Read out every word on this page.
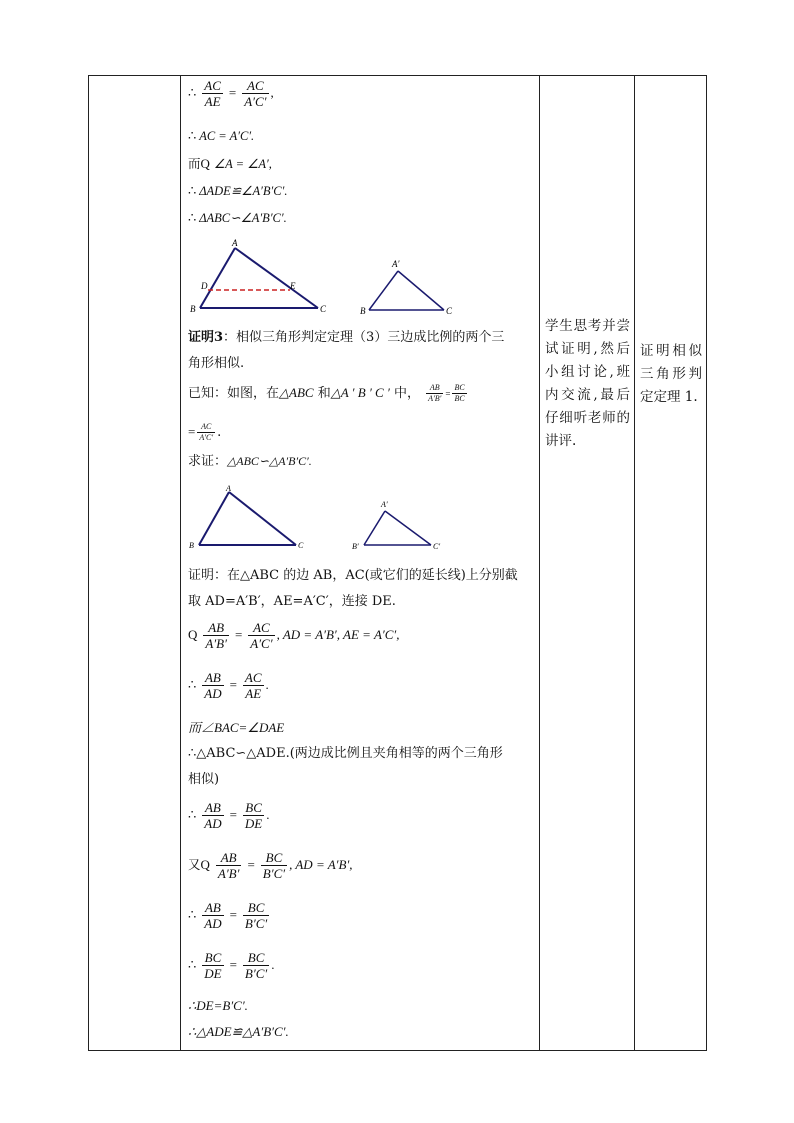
学生思考并尝试证明,然后小组讨论,班内交流,最后仔细听老师的讲评.
证明相似三角形判定定理 1.
∴ $\frac{AC}{AE} = \frac{AC}{A'C'}$ ,
∴ AC = A′C′.
而Q ∠A = ∠A′,
∴ ΔADE≌∠A′B′C′.
∴ ΔABC∽∠A′B′C′.
A
B	C
D	E
A′
B	C
证明3：相似三角形判定定理（3）三边成比例的两个三
角形相似.
已知：如图，在△ABC 和△A ′ B ′ C ′ 中， $\frac{AB}{A'B'} = \frac{BC}{BC}$
= $\frac{AC}{A'C'}$ .
求证：△ABC∽△A′B′C′.
A
B	C
A′
B′	C′
证明：在△ABC 的边 AB，AC(或它们的延长线)上分别截
取 AD=A′B′，AE=A′C′，连接 DE.
Q $\frac{AB}{A'B'} = \frac{AC}{A'C'}$ , AD = A′B′, AE = A′C′,
∴ $\frac{AB}{AD} = \frac{AC}{AE}$ .
而∠BAC=∠DAE
∴△ABC∽△ADE.(两边成比例且夹角相等的两个三角形
相似)
∴ $\frac{AB}{AD} = \frac{BC}{DE}$ .
又Q $\frac{AB}{A'B'} = \frac{BC}{B'C'}$ , AD = A′B′,
∴ $\frac{AB}{AD} = \frac{BC}{B'C'}$
∴ $\frac{BC}{DE} = \frac{BC}{B'C'}$ .
∴DE=B′C′.
∴△ADE≌△A′B′C′.
